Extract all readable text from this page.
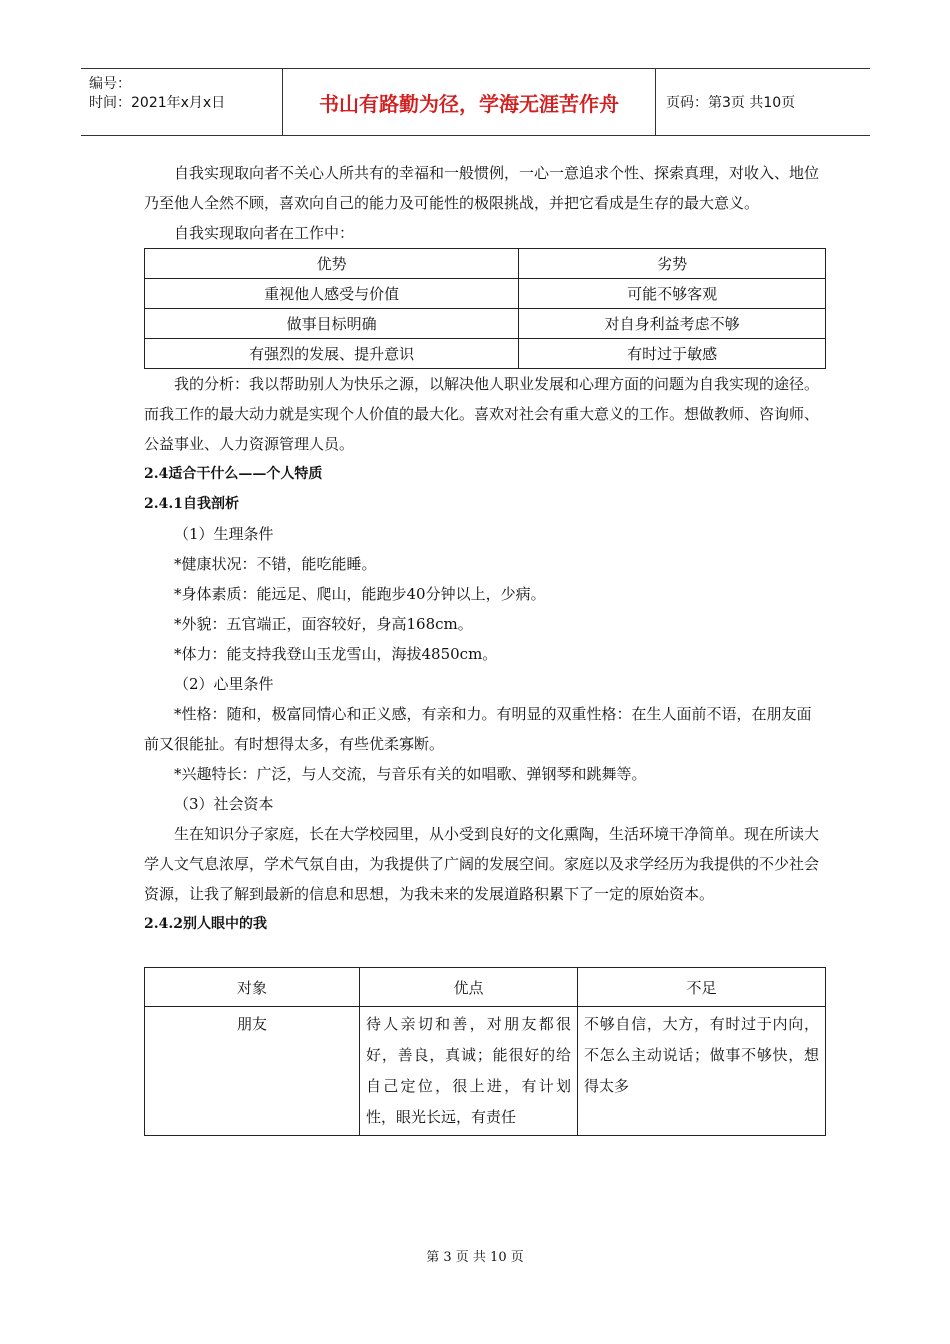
编号：
时间：2021年x月x日	书山有路勤为径，学海无涯苦作舟	页码：第3页 共10页

自我实现取向者不关心人所共有的幸福和一般惯例，一心一意追求个性、探索真理，对收入、地位乃至他人全然不顾，喜欢向自己的能力及可能性的极限挑战，并把它看成是生存的最大意义。

自我实现取向者在工作中：

优势	劣势
重视他人感受与价值	可能不够客观
做事目标明确	对自身利益考虑不够
有强烈的发展、提升意识	有时过于敏感

我的分析：我以帮助别人为快乐之源，以解决他人职业发展和心理方面的问题为自我实现的途径。而我工作的最大动力就是实现个人价值的最大化。喜欢对社会有重大意义的工作。想做教师、咨询师、公益事业、人力资源管理人员。

2.4适合干什么——个人特质

2.4.1自我剖析

（1）生理条件

*健康状况：不错，能吃能睡。

*身体素质：能远足、爬山，能跑步40分钟以上，少病。

*外貌：五官端正，面容较好，身高168cm。

*体力：能支持我登山玉龙雪山，海拔4850cm。

（2）心里条件

*性格：随和，极富同情心和正义感，有亲和力。有明显的双重性格：在生人面前不语，在朋友面前又很能扯。有时想得太多，有些优柔寡断。

*兴趣特长：广泛，与人交流，与音乐有关的如唱歌、弹钢琴和跳舞等。

（3）社会资本

生在知识分子家庭，长在大学校园里，从小受到良好的文化熏陶，生活环境干净简单。现在所读大学人文气息浓厚，学术气氛自由，为我提供了广阔的发展空间。家庭以及求学经历为我提供的不少社会资源，让我了解到最新的信息和思想，为我未来的发展道路积累下了一定的原始资本。

2.4.2别人眼中的我

对象	优点	不足
朋友	待人亲切和善，对朋友都很好，善良，真诚；能很好的给自己定位，很上进，有计划性，眼光长远，有责任	不够自信，大方，有时过于内向，不怎么主动说话；做事不够快，想得太多
第 3 页 共 10 页
